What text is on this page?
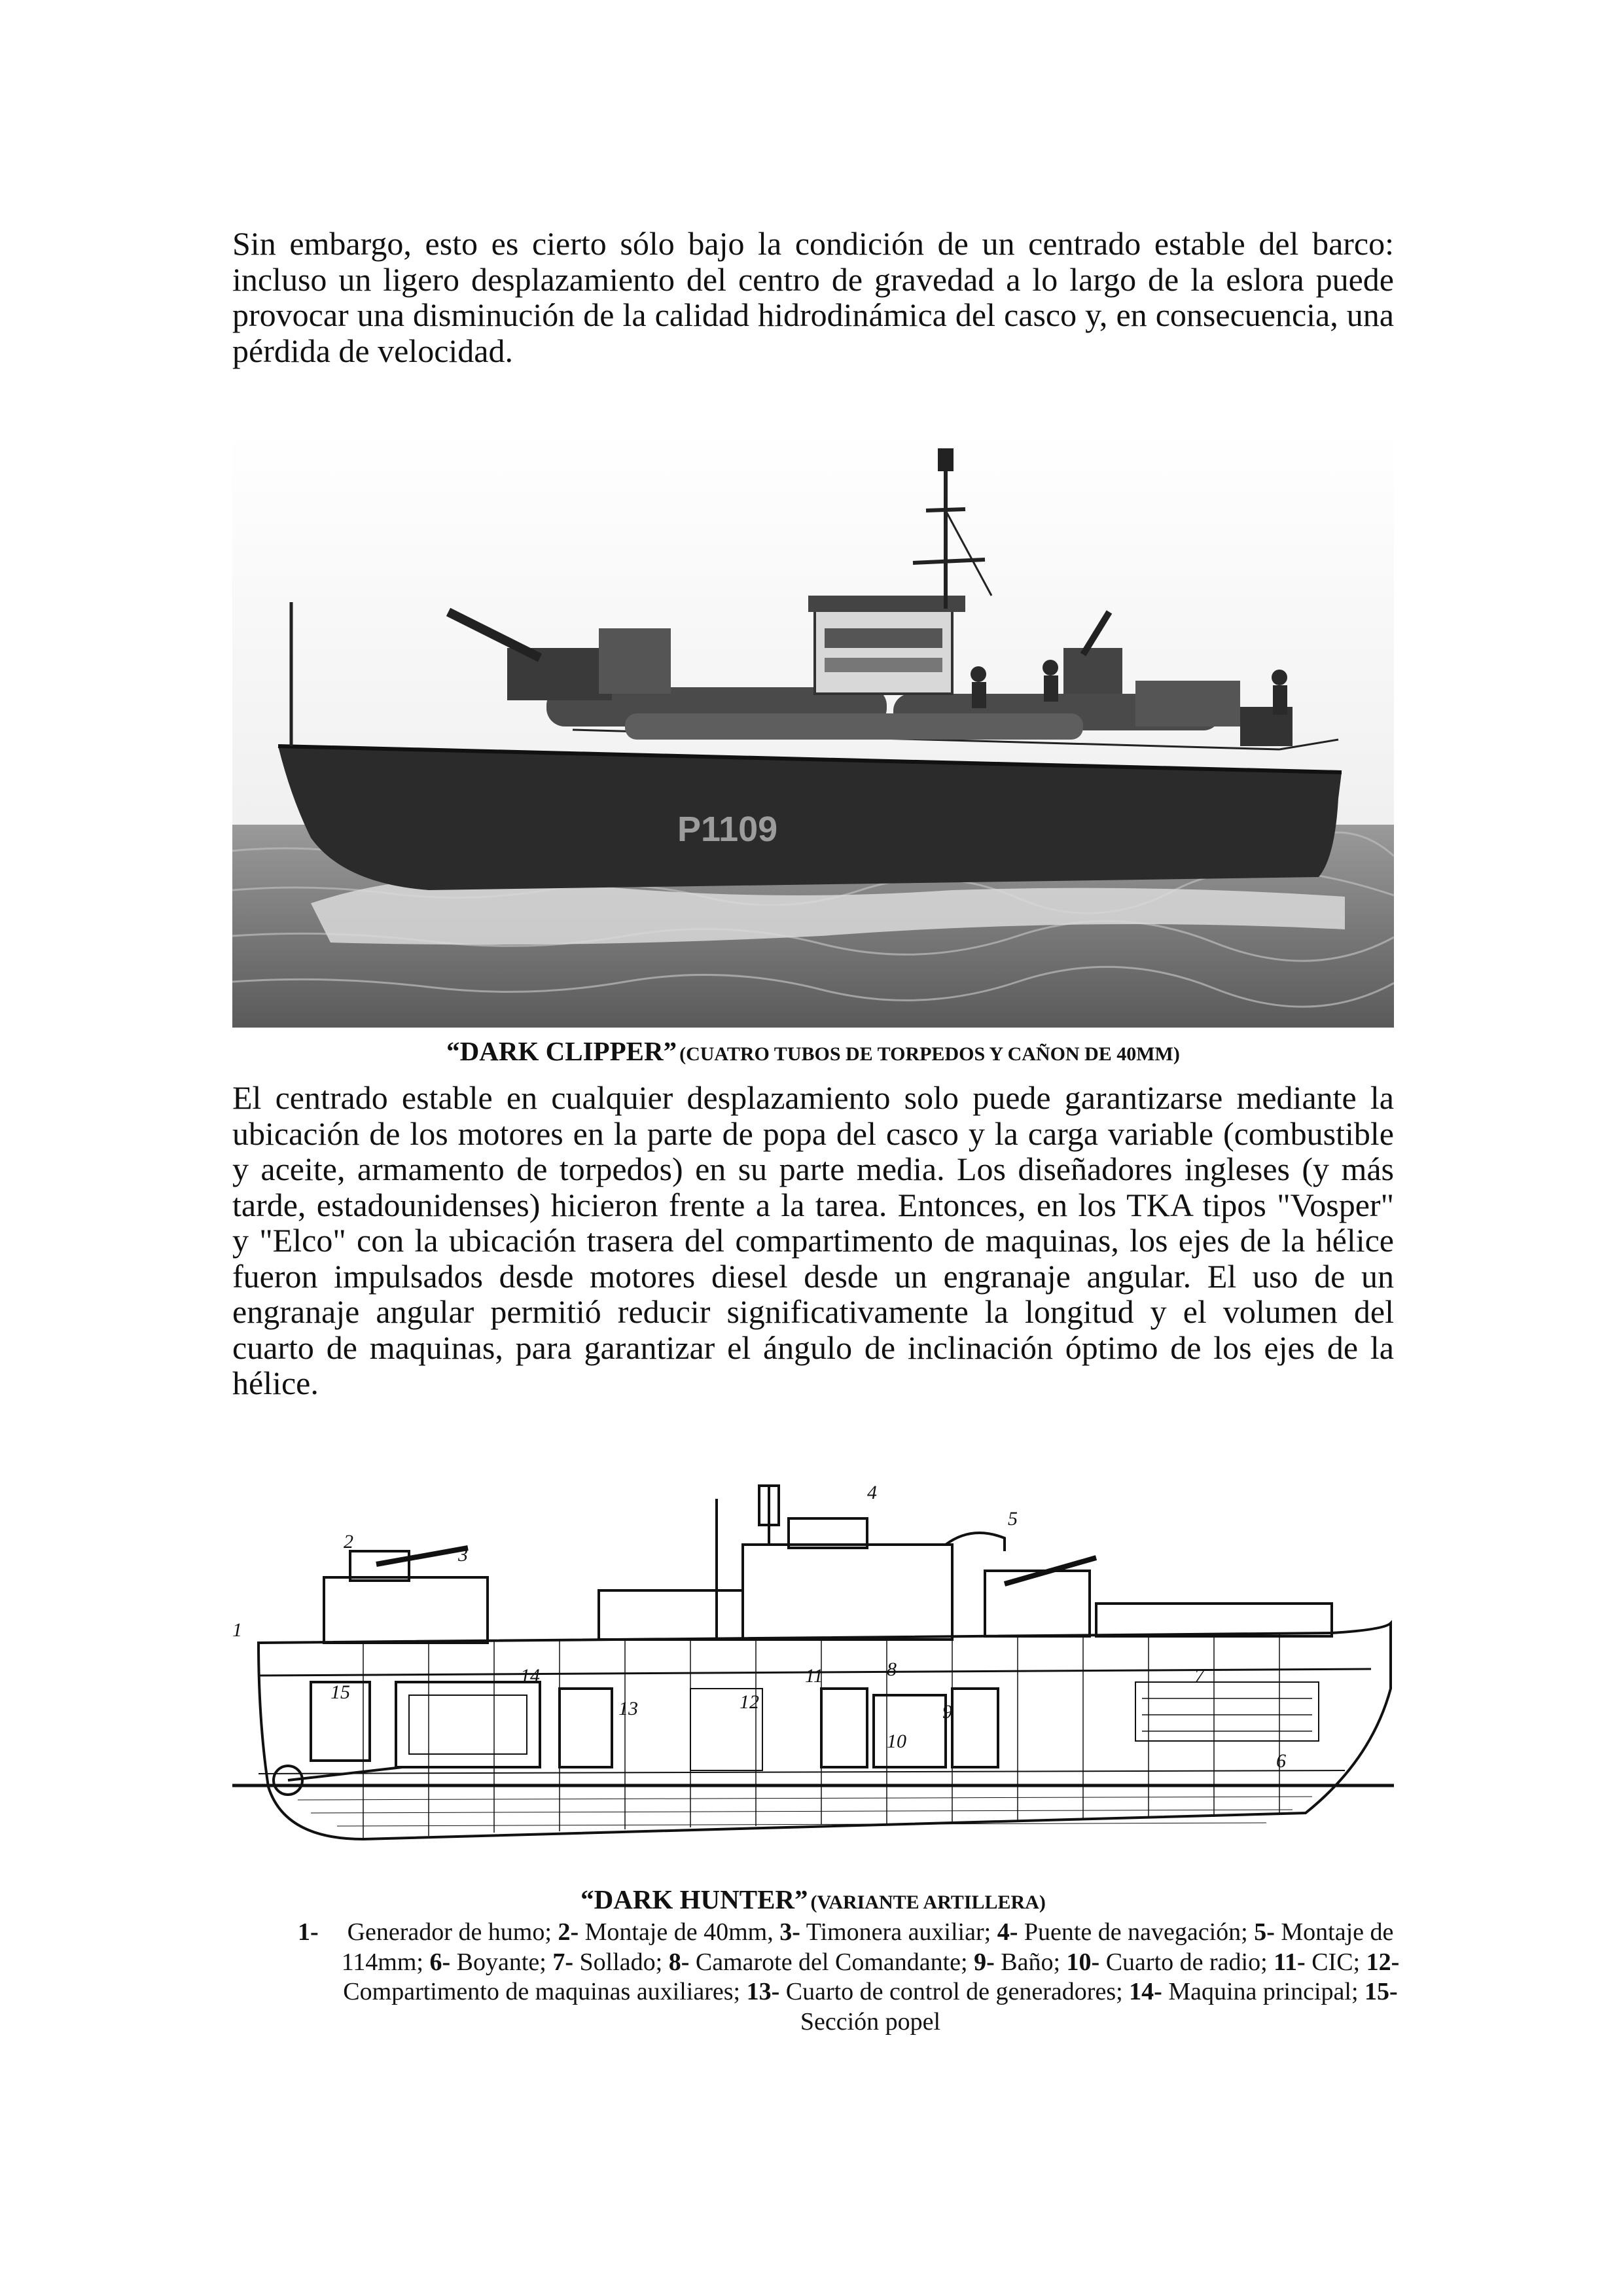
Sin embargo, esto es cierto sólo bajo la condición de un centrado estable del barco:
incluso un ligero desplazamiento del centro de gravedad a lo largo de la eslora puede
provocar una disminución de la calidad hidrodinámica del casco y, en consecuencia, una
pérdida de velocidad.
P1109
“DARK CLIPPER” (CUATRO TUBOS DE TORPEDOS Y CAÑON DE 40MM)
El centrado estable en cualquier desplazamiento solo puede garantizarse mediante la
ubicación de los motores en la parte de popa del casco y la carga variable (combustible
y aceite, armamento de torpedos) en su parte media. Los diseñadores ingleses (y más
tarde, estadounidenses) hicieron frente a la tarea. Entonces, en los TKA tipos "Vosper"
y "Elco" con la ubicación trasera del compartimento de maquinas, los ejes de la hélice
fueron impulsados desde motores diesel desde un engranaje angular. El uso de un
engranaje angular permitió reducir significativamente la longitud y el volumen del
cuarto de maquinas, para garantizar el ángulo de inclinación óptimo de los ejes de la
hélice.
1
2
3
4
5
6
7
8
9
10
11
12
13
14
15
“DARK HUNTER” (VARIANTE ARTILLERA)
1-	Generador de humo; 2- Montaje de 40mm, 3- Timonera auxiliar; 4- Puente de navegación; 5- Montaje de 114mm; 6- Boyante; 7- Sollado; 8- Camarote del Comandante; 9- Baño; 10- Cuarto de radio; 11- CIC; 12- Compartimento de maquinas auxiliares; 13- Cuarto de control de generadores; 14- Maquina principal; 15- Sección popel
